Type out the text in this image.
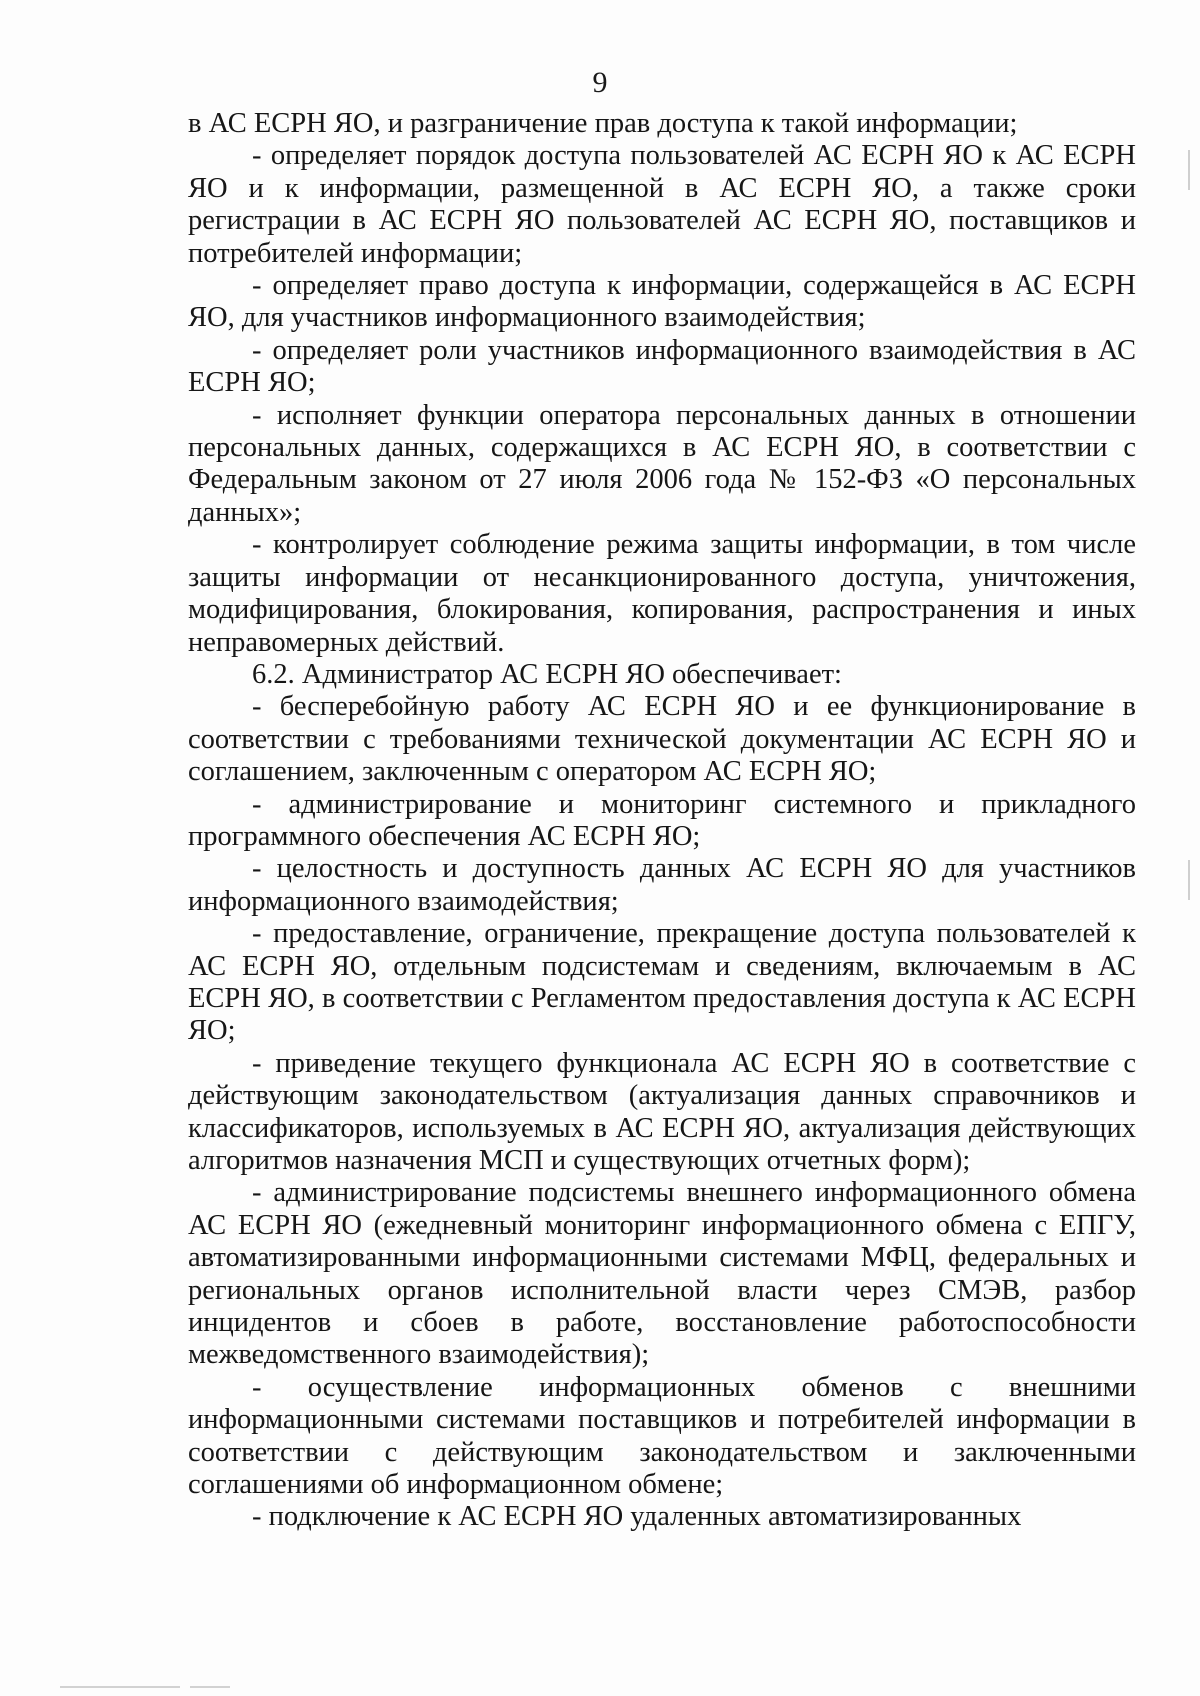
9

в АС ЕСРН ЯО, и разграничение прав доступа к такой информации;

- определяет порядок доступа пользователей АС ЕСРН ЯО к АС ЕСРН ЯО и к информации, размещенной в АС ЕСРН ЯО, а также сроки регистрации в АС ЕСРН ЯО пользователей АС ЕСРН ЯО, поставщиков и потребителей информации;

- определяет право доступа к информации, содержащейся в АС ЕСРН ЯО, для участников информационного взаимодействия;

- определяет роли участников информационного взаимодействия в АС ЕСРН ЯО;

- исполняет функции оператора персональных данных в отношении персональных данных, содержащихся в АС ЕСРН ЯО, в соответствии с Федеральным законом от 27 июля 2006 года № 152-ФЗ «О персональных данных»;

- контролирует соблюдение режима защиты информации, в том числе защиты информации от несанкционированного доступа, уничтожения, модифицирования, блокирования, копирования, распространения и иных неправомерных действий.

6.2. Администратор АС ЕСРН ЯО обеспечивает:

- бесперебойную работу АС ЕСРН ЯО и ее функционирование в соответствии с требованиями технической документации АС ЕСРН ЯО и соглашением, заключенным с оператором АС ЕСРН ЯО;

- администрирование и мониторинг системного и прикладного программного обеспечения АС ЕСРН ЯО;

- целостность и доступность данных АС ЕСРН ЯО для участников информационного взаимодействия;

- предоставление, ограничение, прекращение доступа пользователей к АС ЕСРН ЯО, отдельным подсистемам и сведениям, включаемым в АС ЕСРН ЯО, в соответствии с Регламентом предоставления доступа к АС ЕСРН ЯО;

- приведение текущего функционала АС ЕСРН ЯО в соответствие с действующим законодательством (актуализация данных справочников и классификаторов, используемых в АС ЕСРН ЯО, актуализация действующих алгоритмов назначения МСП и существующих отчетных форм);

- администрирование подсистемы внешнего информационного обмена АС ЕСРН ЯО (ежедневный мониторинг информационного обмена с ЕПГУ, автоматизированными информационными системами МФЦ, федеральных и региональных органов исполнительной власти через СМЭВ, разбор инцидентов и сбоев в работе, восстановление работоспособности межведомственного взаимодействия);

- осуществление информационных обменов с внешними информационными системами поставщиков и потребителей информации в соответствии с действующим законодательством и заключенными соглашениями об информационном обмене;

- подключение к АС ЕСРН ЯО удаленных автоматизированных
